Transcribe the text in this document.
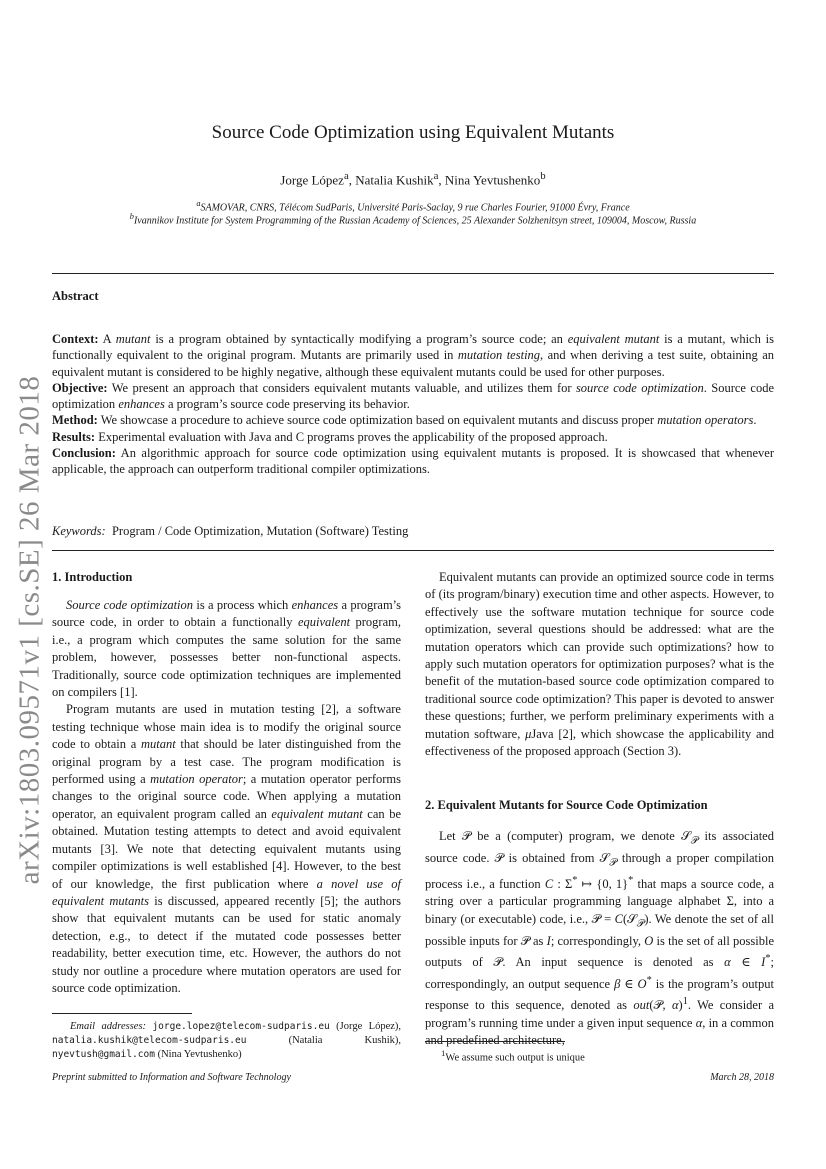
arXiv:1803.09571v1 [cs.SE] 26 Mar 2018
Source Code Optimization using Equivalent Mutants
Jorge López$^a$, Natalia Kushik$^a$, Nina Yevtushenko$^b$
$^a$SAMOVAR, CNRS, Télécom SudParis, Université Paris-Saclay, 9 rue Charles Fourier, 91000 Évry, France
$^b$Ivannikov Institute for System Programming of the Russian Academy of Sciences, 25 Alexander Solzhenitsyn street, 109004, Moscow, Russia
Abstract

Context: A mutant is a program obtained by syntactically modifying a program’s source code; an equivalent mutant is a mutant, which is functionally equivalent to the original program. Mutants are primarily used in mutation testing, and when deriving a test suite, obtaining an equivalent mutant is considered to be highly negative, although these equivalent mutants could be used for other purposes.

Objective: We present an approach that considers equivalent mutants valuable, and utilizes them for source code optimization. Source code optimization enhances a program’s source code preserving its behavior.

Method: We showcase a procedure to achieve source code optimization based on equivalent mutants and discuss proper mutation operators.

Results: Experimental evaluation with Java and C programs proves the applicability of the proposed approach.

Conclusion: An algorithmic approach for source code optimization using equivalent mutants is proposed. It is showcased that whenever applicable, the approach can outperform traditional compiler optimizations.

Keywords:  Program / Code Optimization, Mutation (Software) Testing
1. Introduction

Source code optimization is a process which enhances a program’s source code, in order to obtain a functionally equivalent program, i.e., a program which computes the same solution for the same problem, however, possesses better non-functional aspects. Traditionally, source code optimization techniques are implemented on compilers [1].

Program mutants are used in mutation testing [2], a software testing technique whose main idea is to modify the original source code to obtain a mutant that should be later distinguished from the original program by a test case. The program modification is performed using a mutation operator; a mutation operator performs changes to the original source code. When applying a mutation operator, an equivalent program called an equivalent mutant can be obtained. Mutation testing attempts to detect and avoid equivalent mutants [3]. We note that detecting equivalent mutants using compiler optimizations is well established [4]. However, to the best of our knowledge, the first publication where a novel use of equivalent mutants is discussed, appeared recently [5]; the authors show that equivalent mutants can be used for static anomaly detection, e.g., to detect if the mutated code possesses better readability, better execution time, etc. However, the authors do not study nor outline a procedure where mutation operators are used for source code optimization.

Email addresses: jorge.lopez@telecom-sudparis.eu (Jorge López), natalia.kushik@telecom-sudparis.eu (Natalia Kushik), nyevtush@gmail.com (Nina Yevtushenko)

Equivalent mutants can provide an optimized source code in terms of (its program/binary) execution time and other aspects. However, to effectively use the software mutation technique for source code optimization, several questions should be addressed: what are the mutation operators which can provide such optimizations? how to apply such mutation operators for optimization purposes? what is the benefit of the mutation-based source code optimization compared to traditional source code optimization? This paper is devoted to answer these questions; further, we perform preliminary experiments with a mutation software, μJava [2], which showcase the applicability and effectiveness of the proposed approach (Section 3).

2. Equivalent Mutants for Source Code Optimization

Let 𝒫 be a (computer) program, we denote 𝒮$_𝒫$ its associated source code. 𝒫 is obtained from 𝒮$_𝒫$ through a proper compilation process i.e., a function C : Σ* ↦ {0, 1}* that maps a source code, a string over a particular programming language alphabet Σ, into a binary (or executable) code, i.e., 𝒫 = C(𝒮$_𝒫$). We denote the set of all possible inputs for 𝒫 as I; correspondingly, O is the set of all possible outputs of 𝒫. An input sequence is denoted as α ∈ I*; correspondingly, an output sequence β ∈ O* is the program’s output response to this sequence, denoted as out(𝒫, α)$^1$. We consider a program’s running time under a given input sequence α, in a common

$^1$We assume such output is unique
Preprint submitted to Information and Software Technology	March 28, 2018
